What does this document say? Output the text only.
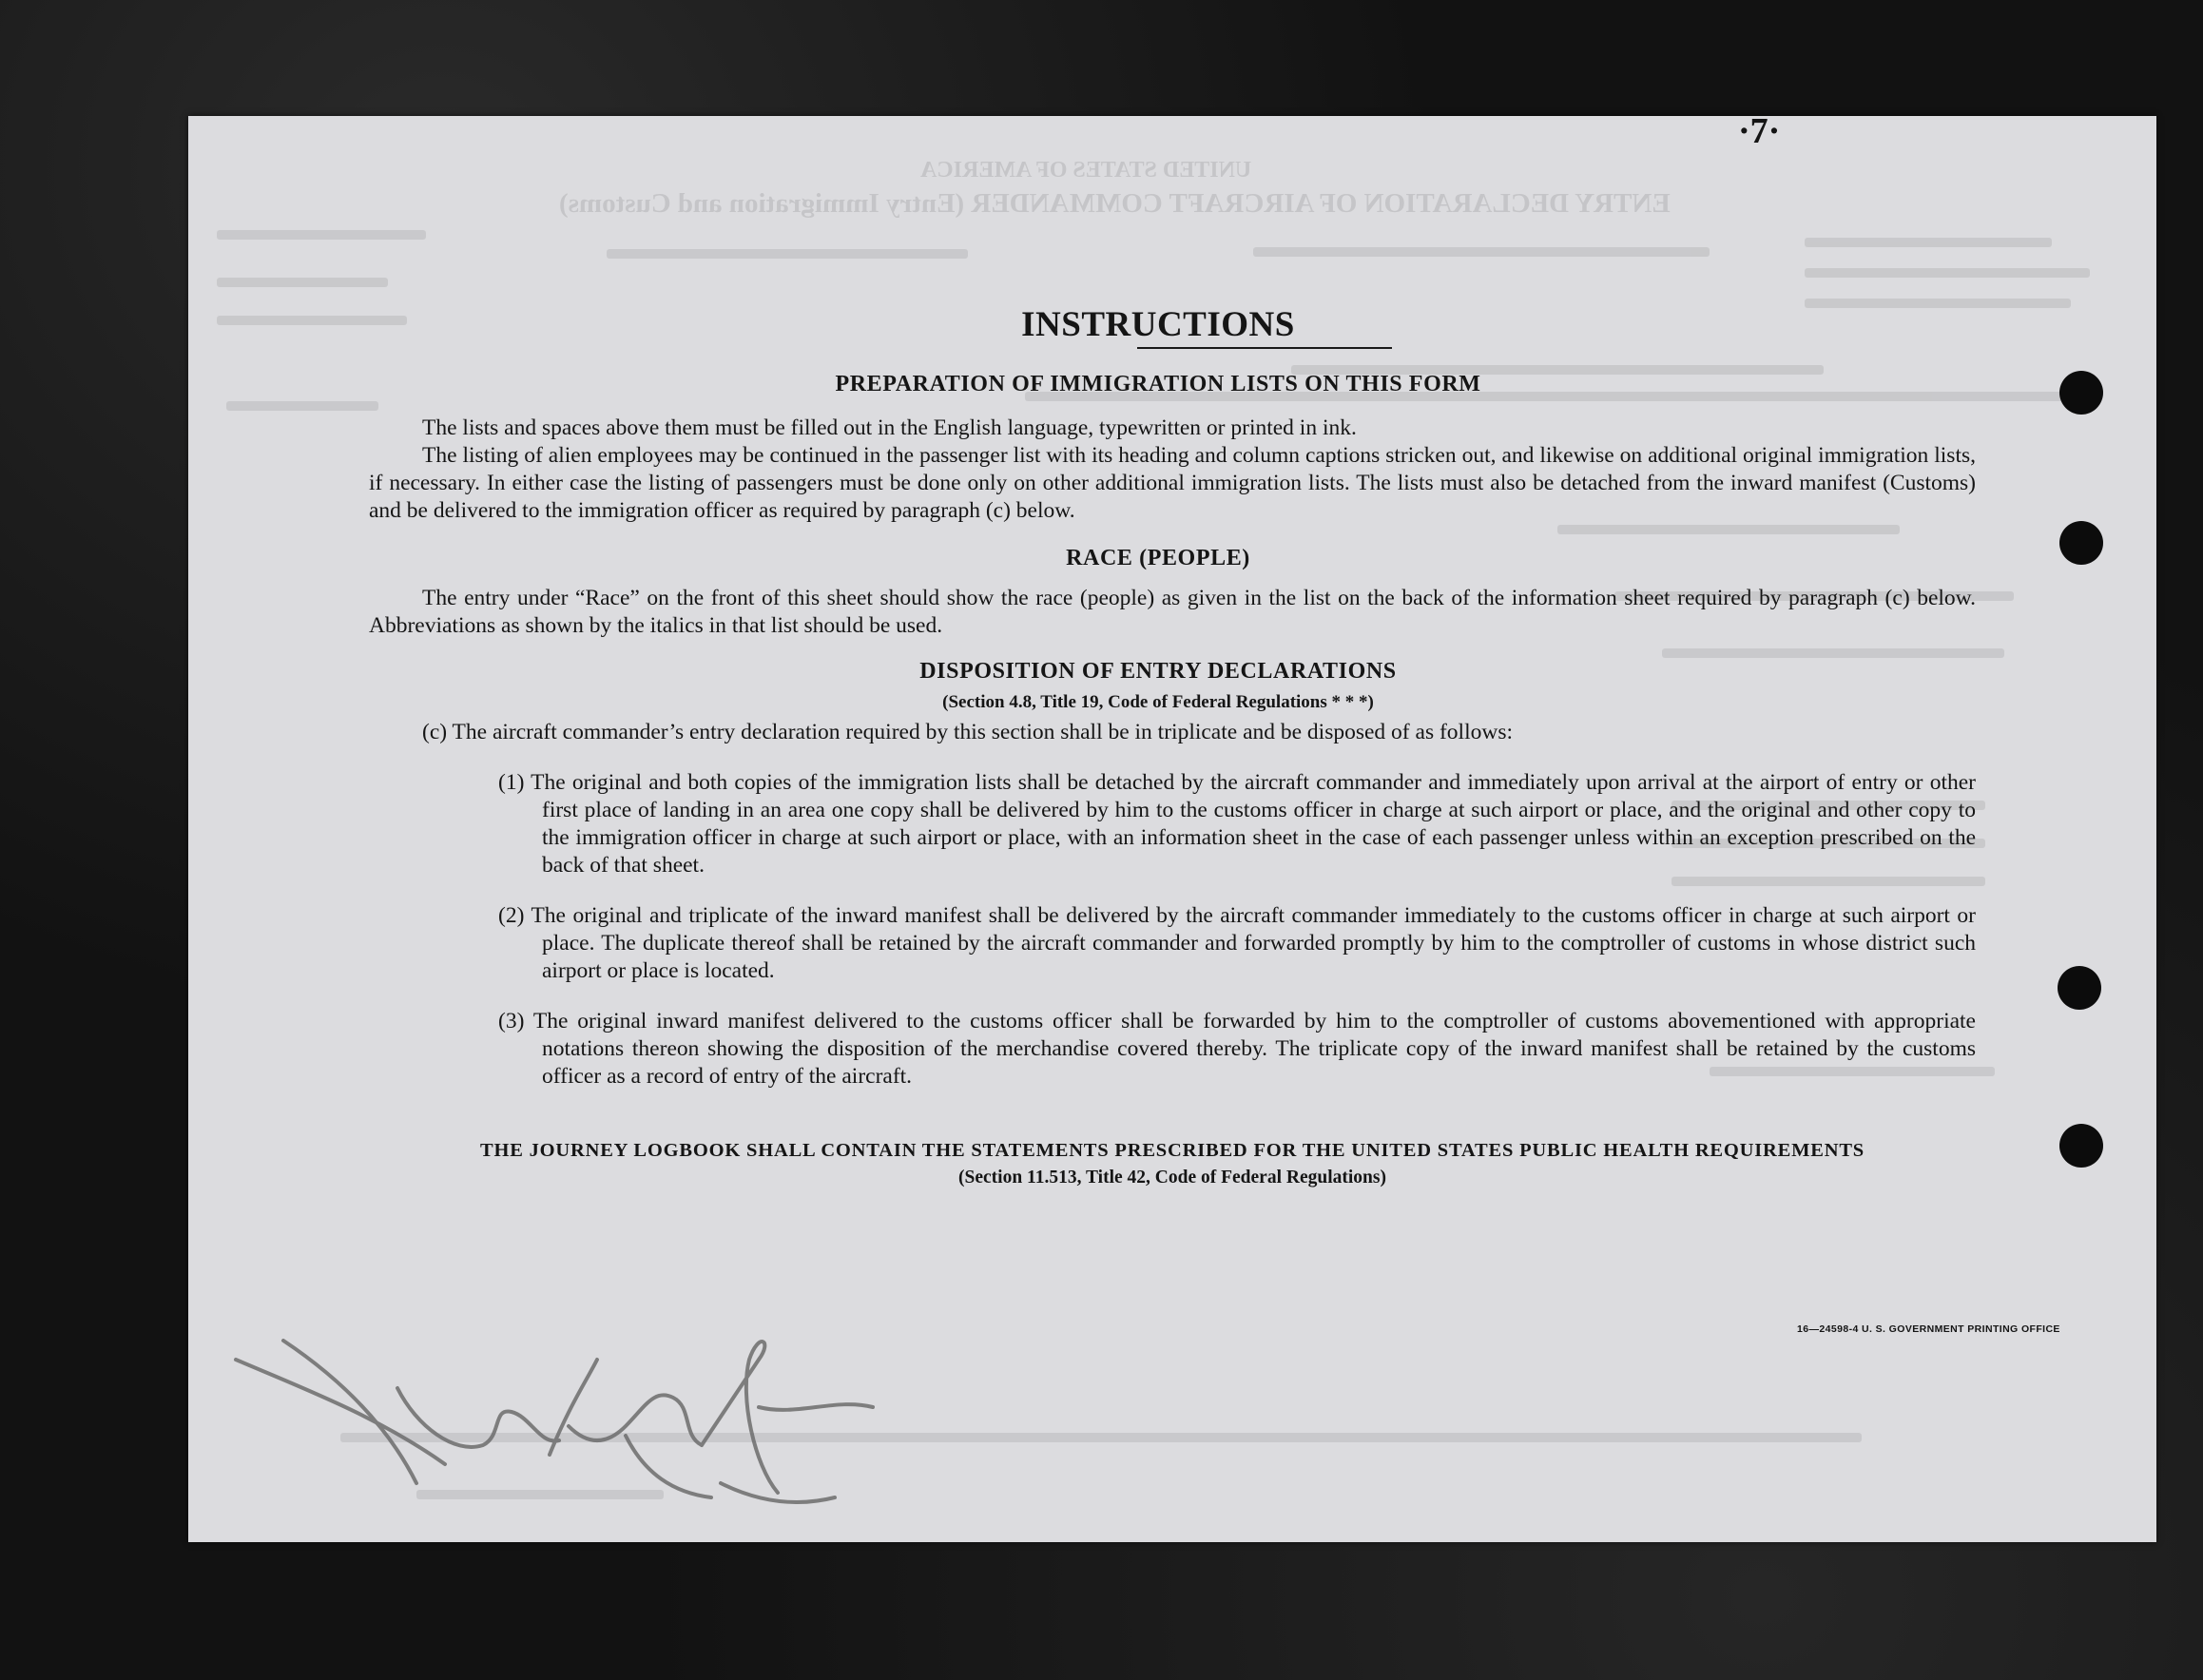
UNITED STATES OF AMERICA
ENTRY DECLARATION OF AIRCRAFT COMMANDER (Entry Immigration and Customs)
·7·
INSTRUCTIONS
PREPARATION OF IMMIGRATION LISTS ON THIS FORM

The lists and spaces above them must be filled out in the English language, typewritten or printed in ink.

The listing of alien employees may be continued in the passenger list with its heading and column captions stricken out, and likewise on additional original immigration lists, if necessary. In either case the listing of passengers must be done only on other additional immigration lists. The lists must also be detached from the inward manifest (Customs) and be delivered to the immigration officer as required by paragraph (c) below.

RACE (PEOPLE)

The entry under “Race” on the front of this sheet should show the race (people) as given in the list on the back of the information sheet required by paragraph (c) below. Abbreviations as shown by the italics in that list should be used.

DISPOSITION OF ENTRY DECLARATIONS
(Section 4.8, Title 19, Code of Federal Regulations * * *)

(c) The aircraft commander’s entry declaration required by this section shall be in triplicate and be disposed of as follows:

(1) The original and both copies of the immigration lists shall be detached by the aircraft commander and immediately upon arrival at the airport of entry or other first place of landing in an area one copy shall be delivered by him to the customs officer in charge at such airport or place, and the original and other copy to the immigration officer in charge at such airport or place, with an information sheet in the case of each passenger unless within an exception prescribed on the back of that sheet.

(2) The original and triplicate of the inward manifest shall be delivered by the aircraft commander immediately to the customs officer in charge at such airport or place. The duplicate thereof shall be retained by the aircraft commander and forwarded promptly by him to the comptroller of customs in whose district such airport or place is located.

(3) The original inward manifest delivered to the customs officer shall be forwarded by him to the comptroller of customs abovementioned with appropriate notations thereon showing the disposition of the merchandise covered thereby. The triplicate copy of the inward manifest shall be retained by the customs officer as a record of entry of the aircraft.

THE JOURNEY LOGBOOK SHALL CONTAIN THE STATEMENTS PRESCRIBED FOR THE UNITED STATES PUBLIC HEALTH REQUIREMENTS
(Section 11.513, Title 42, Code of Federal Regulations)
16—24598-4 U. S. GOVERNMENT PRINTING OFFICE
